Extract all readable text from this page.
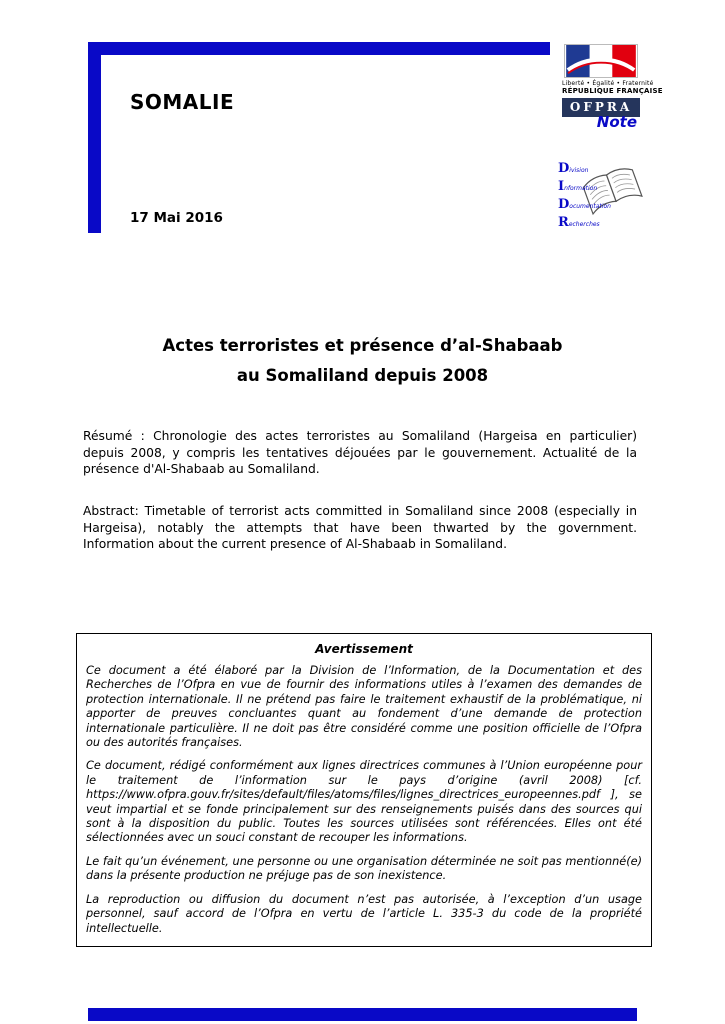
SOMALIE
Liberté • Égalité • Fraternité
RÉPUBLIQUE FRANÇAISE
OFPRA
Note
Division
Information
Documentation
Recherches
17 Mai 2016
Actes terroristes et présence d’al-Shabaab
au Somaliland depuis 2008

Résumé : Chronologie des actes terroristes au Somaliland (Hargeisa en particulier) depuis 2008, y compris les tentatives déjouées par le gouvernement. Actualité de la présence d'Al-Shabaab au Somaliland.

Abstract: Timetable of terrorist acts committed in Somaliland since 2008 (especially in Hargeisa), notably the attempts that have been thwarted by the government. Information about the current presence of Al-Shabaab in Somaliland.

Avertissement

Ce document a été élaboré par la Division de l’Information, de la Documentation et des Recherches de l’Ofpra en vue de fournir des informations utiles à l’examen des demandes de protection internationale. Il ne prétend pas faire le traitement exhaustif de la problématique, ni apporter de preuves concluantes quant au fondement d’une demande de protection internationale particulière. Il ne doit pas être considéré comme une position officielle de l’Ofpra ou des autorités françaises.

Ce document, rédigé conformément aux lignes directrices communes à l’Union européenne pour le traitement de l’information sur le pays d’origine (avril 2008) [cf. https://www.ofpra.gouv.fr/sites/default/files/atoms/files/lignes_directrices_europeennes.pdf ], se veut impartial et se fonde principalement sur des renseignements puisés dans des sources qui sont à la disposition du public. Toutes les sources utilisées sont référencées. Elles ont été sélectionnées avec un souci constant de recouper les informations.

Le fait qu’un événement, une personne ou une organisation déterminée ne soit pas mentionné(e) dans la présente production ne préjuge pas de son inexistence.

La reproduction ou diffusion du document n’est pas autorisée, à l’exception d’un usage personnel, sauf accord de l’Ofpra en vertu de l’article L. 335-3 du code de la propriété intellectuelle.
